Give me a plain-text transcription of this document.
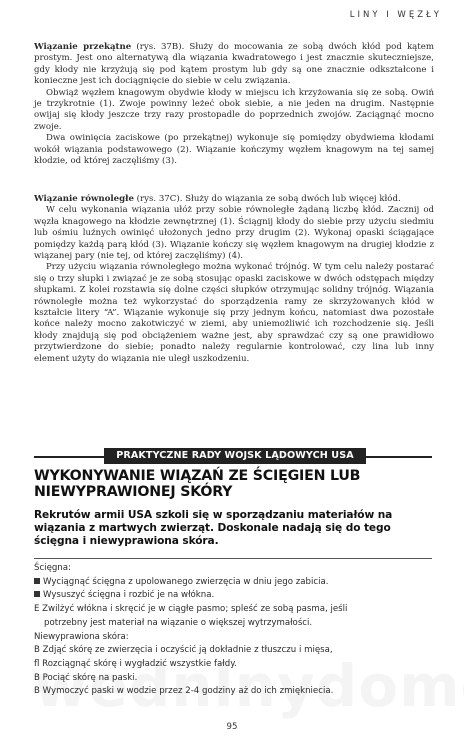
LINY I WĘZŁY

Wiązanie przekątne (rys. 37B). Służy do mocowania ze sobą dwóch kłód pod kątem prostym. Jest ono alternatywą dla wiązania kwadratowego i jest znacznie skuteczniejsze, gdy kłody nie krzyżują się pod kątem prostym lub gdy są one znacznie odkształcone i konieczne jest ich dociągnięcie do siebie w celu związania.

Obwiąż węzłem knagowym obydwie kłody w miejscu ich krzyżowania się ze sobą. Owiń je trzykrotnie (1). Zwoje powinny leżeć obok siebie, a nie jeden na drugim. Następnie owijaj się kłody jeszcze trzy razy prostopadle do poprzednich zwojów. Zaciągnąć mocno zwoje.

Dwa owinięcia zaciskowe (po przekątnej) wykonuje się pomiędzy obydwiema kłodami wokół wiązania podstawowego (2). Wiązanie kończymy węzłem knagowym na tej samej kłodzie, od której zaczęliśmy (3).

Wiązanie równoległe (rys. 37C). Służy do wiązania ze sobą dwóch lub więcej kłód.

W celu wykonania wiązania ułóż przy sobie równoległe żądaną liczbę kłód. Zacznij od węzła knagowego na kłodzie zewnętrznej (1). Ściągnij kłody do siebie przy użyciu siedmiu lub ośmiu luźnych owinięć ułożonych jedno przy drugim (2). Wykonaj opaski ściągające pomiędzy każdą parą kłód (3). Wiązanie kończy się węzłem knagowym na drugiej kłodzie z wiązanej pary (nie tej, od której zaczęliśmy) (4).

Przy użyciu wiązania równoległego można wykonać trójnóg. W tym celu należy postarać się o trzy słupki i związać je ze sobą stosując opaski zaciskowe w dwóch odstępach między słupkami. Z kolei rozstawia się dolne części słupków otrzymując solidny trójnóg. Wiązania równoległe można też wykorzystać do sporządzenia ramy ze skrzyżowanych kłód w kształcie litery “A”. Wiązanie wykonuje się przy jednym końcu, natomiast dwa pozostałe końce należy mocno zakotwiczyć w ziemi, aby uniemożliwić ich rozchodzenie się. Jeśli kłody znajdują się pod obciążeniem ważne jest, aby sprawdzać czy są one prawidłowo przytwierdzone do siebie; ponadto należy regularnie kontrolować, czy lina lub inny element użyty do wiązania nie uległ uszkodzeniu.

PRAKTYCZNE RADY WOJSK LĄDOWYCH USA
WYKONYWANIE WIĄZAŃ ZE ŚCIĘGIEN LUB NIEWYPRAWIONEJ SKÓRY
Rekrutów armii USA szkoli się w sporządzaniu materiałów na wiązania z martwych zwierząt. Doskonale nadają się do tego ścięgna i niewyprawiona skóra.
Ścięgna:
Wyciągnąć ścięgna z upolowanego zwierzęcia w dniu jego zabicia.
Wysuszyć ścięgna i rozbić je na włókna.
E Zwilżyć włókna i skręcić je w ciągłe pasmo; spleść ze sobą pasma, jeśli
potrzebny jest materiał na wiązanie o większej wytrzymałości.
Niewyprawiona skóra:
B Zdjąć skórę ze zwierzęcia i oczyścić ją dokładnie z tłuszczu i mięsa,
fl Rozciągnąć skórę i wygładzić wszystkie fałdy.
B Pociąć skórę na paski.
B Wymoczyć paski w wodzie przez 2-4 godziny aż do ich zmiękniecia.
95
